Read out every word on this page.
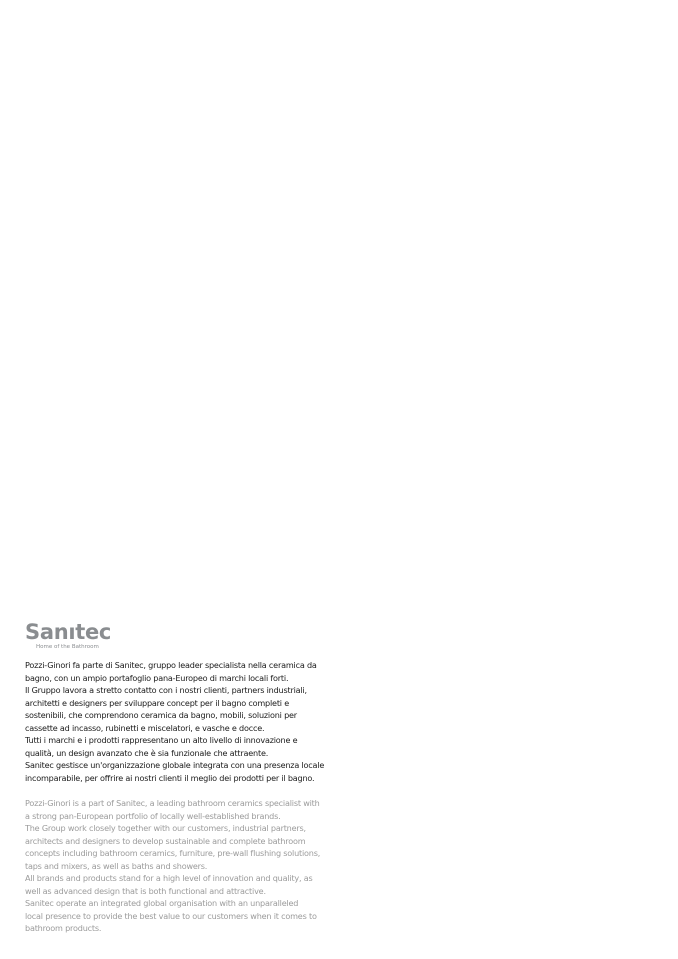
Sanıtec
Home of the Bathroom

Pozzi-Ginori fa parte di Sanitec, gruppo leader specialista nella ceramica da

bagno, con un ampio portafoglio pana-Europeo di marchi locali forti.

Il Gruppo lavora a stretto contatto con i nostri clienti, partners industriali,

architetti e designers per sviluppare concept per il bagno completi e

sostenibili, che comprendono ceramica da bagno, mobili, soluzioni per

cassette ad incasso, rubinetti e miscelatori, e vasche e docce.

Tutti i marchi e i prodotti rappresentano un alto livello di innovazione e

qualità, un design avanzato che è sia funzionale che attraente.

Sanitec gestisce un'organizzazione globale integrata con una presenza locale

incomparabile, per offrire ai nostri clienti il meglio dei prodotti per il bagno.

Pozzi-Ginori is a part of Sanitec, a leading bathroom ceramics specialist with

a strong pan-European portfolio of locally well-established brands.

The Group work closely together with our customers, industrial partners,

architects and designers to develop sustainable and complete bathroom

concepts including bathroom ceramics, furniture, pre-wall flushing solutions,

taps and mixers, as well as baths and showers.

All brands and products stand for a high level of innovation and quality, as

well as advanced design that is both functional and attractive.

Sanitec operate an integrated global organisation with an unparalleled

local presence to provide the best value to our customers when it comes to

bathroom products.
